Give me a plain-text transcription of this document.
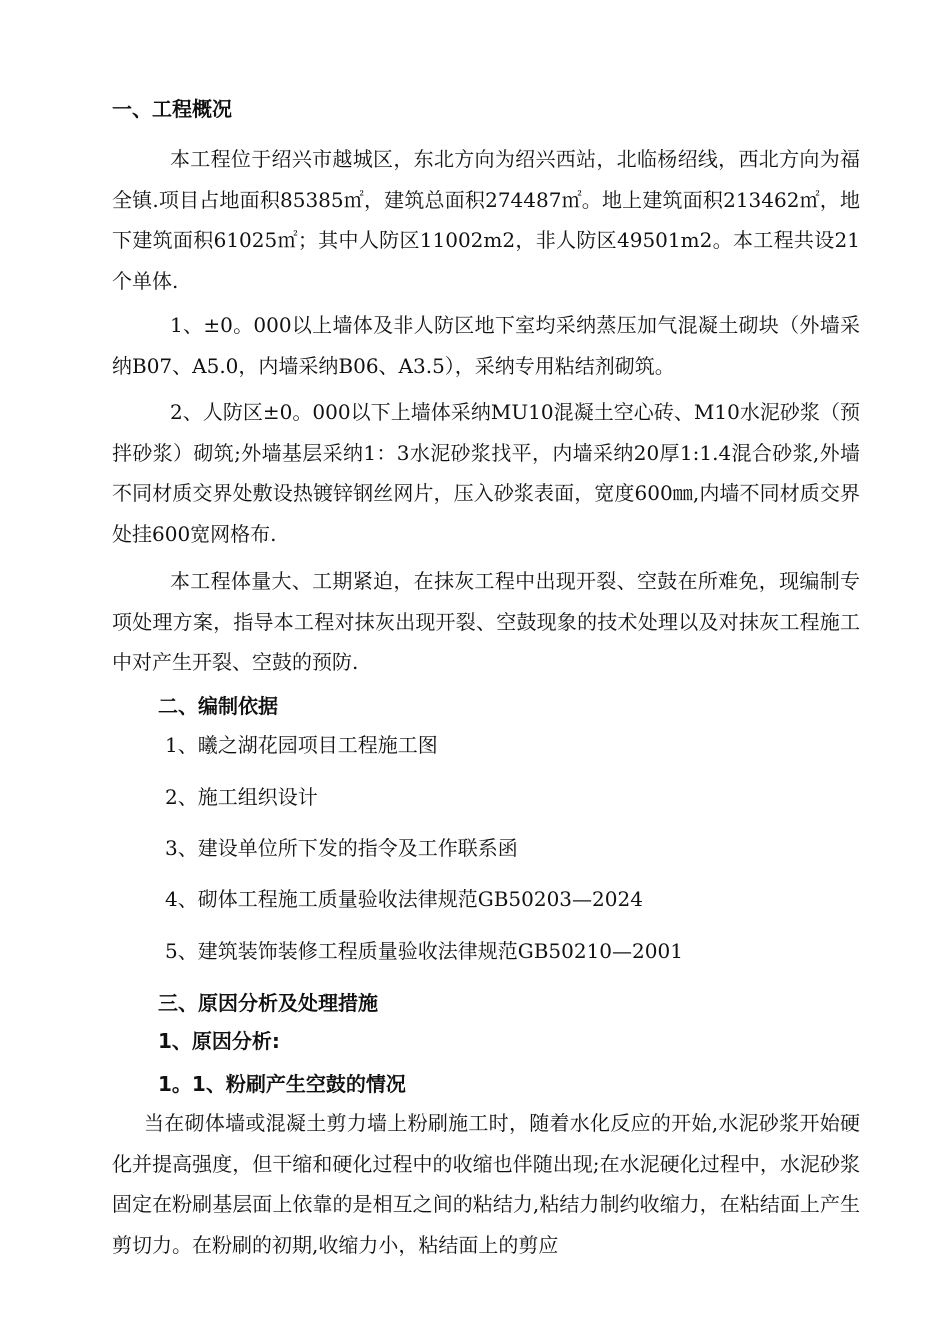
一、工程概况
本工程位于绍兴市越城区，东北方向为绍兴西站，北临杨绍线，西北方向为福全镇.项目占地面积85385㎡，建筑总面积274487㎡。地上建筑面积213462㎡，地下建筑面积61025㎡；其中人防区11002m2，非人防区49501m2。本工程共设21个单体.
1、±0。000以上墙体及非人防区地下室均采纳蒸压加气混凝土砌块（外墙采纳B07、A5.0，内墙采纳B06、A3.5），采纳专用粘结剂砌筑。
2、人防区±0。000以下上墙体采纳MU10混凝土空心砖、M10水泥砂浆（预拌砂浆）砌筑;外墙基层采纳1：3水泥砂浆找平，内墙采纳20厚1:1.4混合砂浆,外墙不同材质交界处敷设热镀锌钢丝网片，压入砂浆表面，宽度600㎜,内墙不同材质交界处挂600宽网格布.
本工程体量大、工期紧迫，在抹灰工程中出现开裂、空鼓在所难免，现编制专项处理方案，指导本工程对抹灰出现开裂、空鼓现象的技术处理以及对抹灰工程施工中对产生开裂、空鼓的预防.
二、编制依据
1、曦之湖花园项目工程施工图
2、施工组织设计
3、建设单位所下发的指令及工作联系函
4、砌体工程施工质量验收法律规范GB50203—2024
5、建筑装饰装修工程质量验收法律规范GB50210—2001
三、原因分析及处理措施
1、原因分析:
1。1、粉刷产生空鼓的情况
当在砌体墙或混凝土剪力墙上粉刷施工时，随着水化反应的开始,水泥砂浆开始硬化并提高强度，但干缩和硬化过程中的收缩也伴随出现;在水泥硬化过程中，水泥砂浆固定在粉刷基层面上依靠的是相互之间的粘结力,粘结力制约收缩力，在粘结面上产生剪切力。在粉刷的初期,收缩力小，粘结面上的剪应
